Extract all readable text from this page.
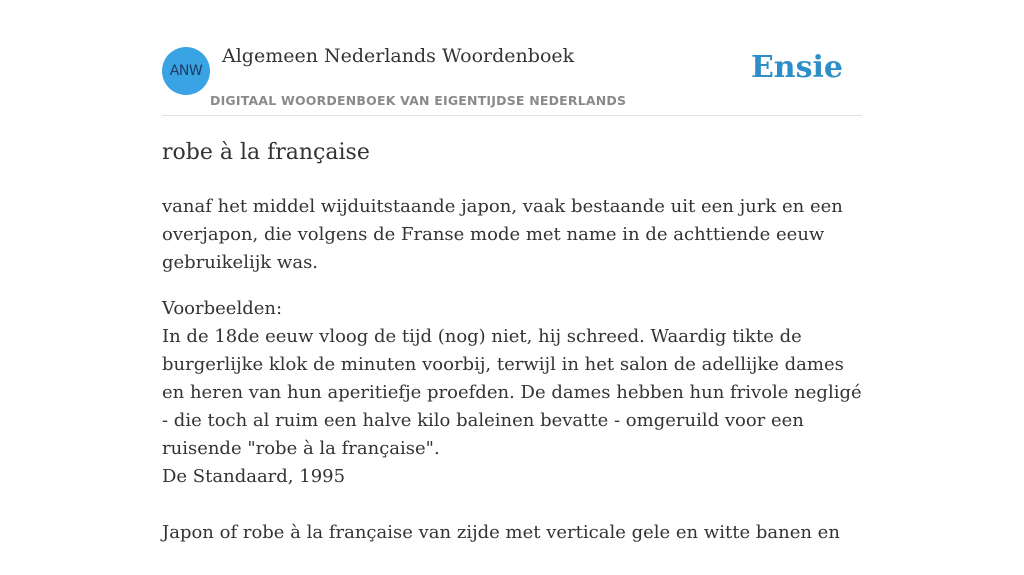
ANW
Algemeen Nederlands Woordenboek
DIGITAAL WOORDENBOEK VAN EIGENTIJDSE NEDERLANDS
Ensie
robe à la française

vanaf het middel wijduitstaande japon, vaak bestaande uit een jurk en een overjapon, die volgens de Franse mode met name in de achttiende eeuw gebruikelijk was.

Voorbeelden:

In de 18de eeuw vloog de tijd (nog) niet, hij schreed. Waardig tikte de burgerlijke klok de minuten voorbij, terwijl in het salon de adellijke dames en heren van hun aperitiefje proefden. De dames hebben hun frivole negligé - die toch al ruim een halve kilo baleinen bevatte - omgeruild voor een ruisende "robe à la française".

De Standaard, 1995

Japon of robe à la française van zijde met verticale gele en witte banen en
